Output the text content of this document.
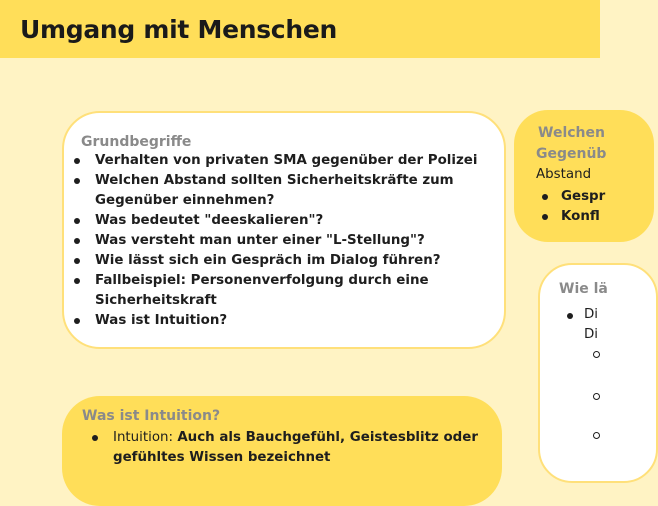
Umgang mit Menschen

Grundbegriffe

Verhalten von privaten SMA gegenüber der Polizei
Welchen Abstand sollten Sicherheitskräfte zum Gegenüber einnehmen?
Was bedeutet "deeskalieren"?
Was versteht man unter einer "L-Stellung"?
Wie lässt sich ein Gespräch im Dialog führen?
Fallbeispiel: Personenverfolgung durch eine Sicherheitskraft
Was ist Intuition?

Was ist Intuition?

Intuition: Auch als Bauchgefühl, Geistesblitz oder gefühltes Wissen bezeichnet

Welchen

Gegenüb

Abstand

Gespr

Konfl

Wie lä

Di

Di
